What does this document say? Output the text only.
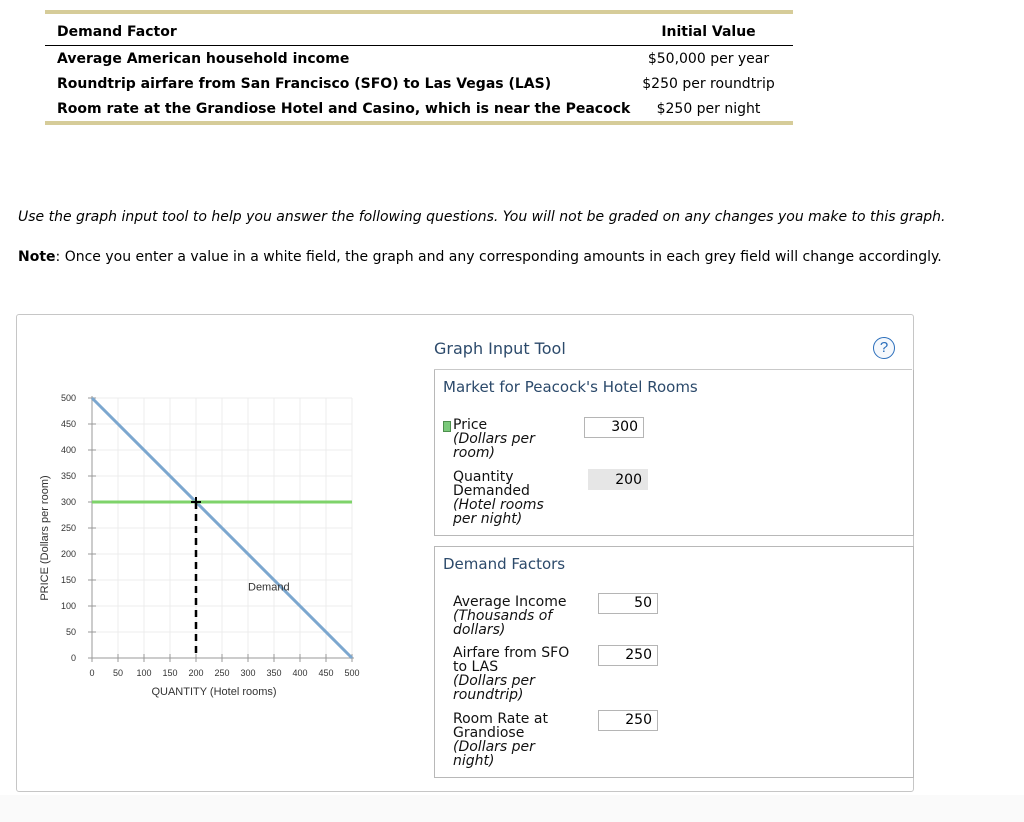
Demand Factor	Initial Value
Average American household income	$50,000 per year
Roundtrip airfare from San Francisco (SFO) to Las Vegas (LAS)	$250 per roundtrip
Room rate at the Grandiose Hotel and Casino, which is near the Peacock	$250 per night
Use the graph input tool to help you answer the following questions. You will not be graded on any changes you make to this graph.
Note: Once you enter a value in a white field, the graph and any corresponding amounts in each grey field will change accordingly.
0
50
100
150
200
250
300
350
400
450
500
0 50 100 150 200 250 300 350 400 450 500
QUANTITY (Hotel rooms)
PRICE (Dollars per room)	Demand
Graph Input Tool	?
Market for Peacock's Hotel Rooms
Price
(Dollars per room)
300
Quantity Demanded
(Hotel rooms per night)
200
Demand Factors
Average Income
(Thousands of dollars)
50
Airfare from SFO to LAS
(Dollars per roundtrip)
250
Room Rate at Grandiose
(Dollars per night)
250
